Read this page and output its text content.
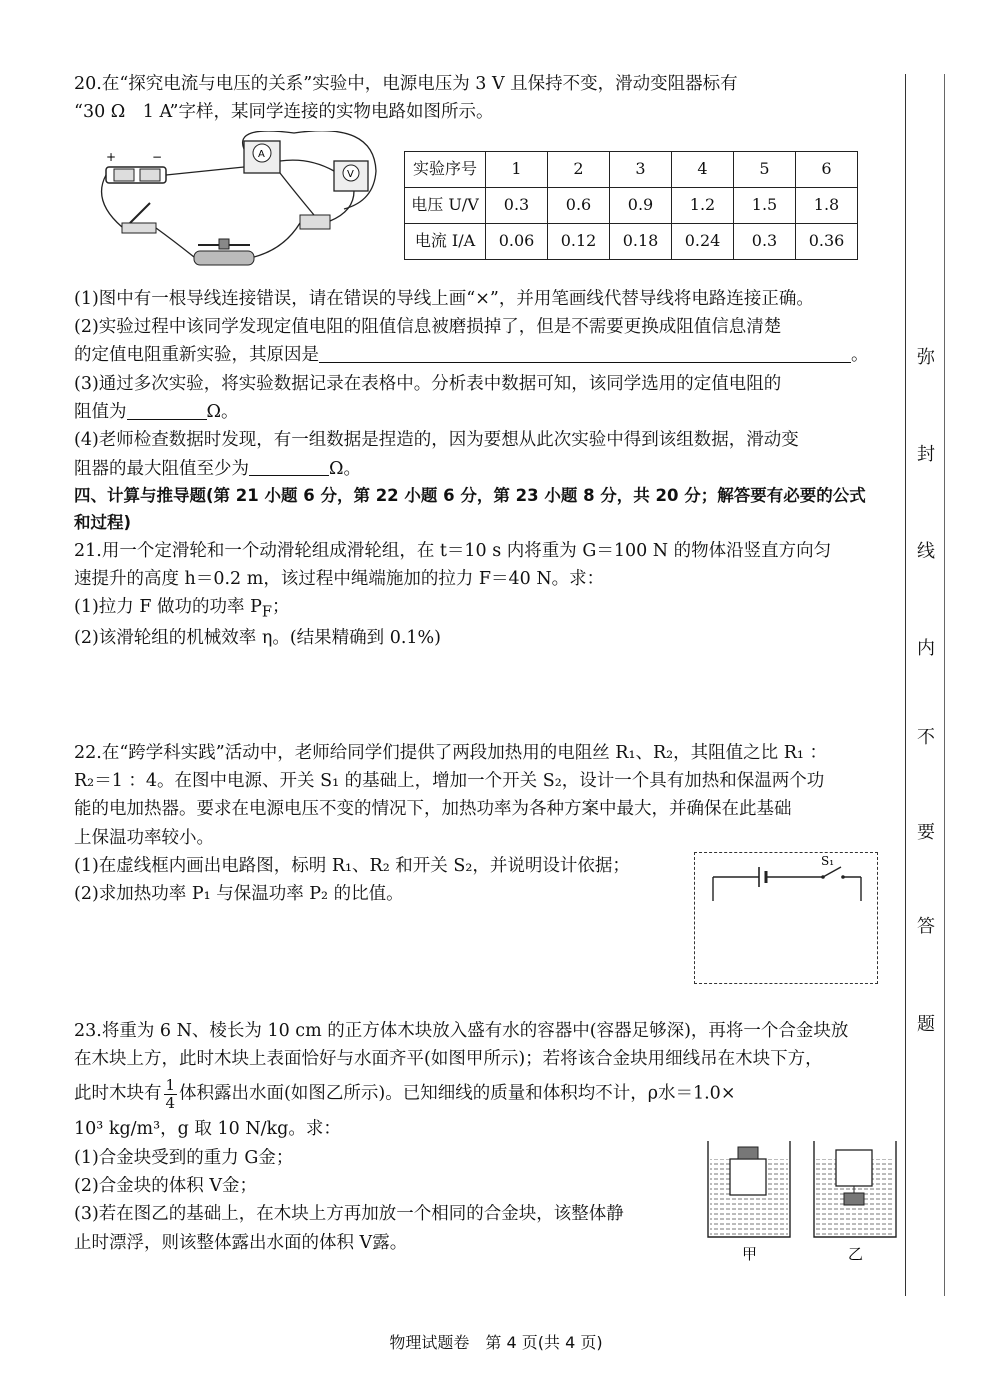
弥
封
线
内
不
要
答
题

20.在“探究电流与电压的关系”实验中，电源电压为 3 V 且保持不变，滑动变阻器标有

“30 Ω　1 A”字样，某同学连接的实物电路如图所示。

+	−	A
V	实验序号	1	2	3	4	5	6
电压 U/V	0.3	0.6	0.9	1.2	1.5	1.8
电流 I/A	0.06	0.12	0.18	0.24	0.3	0.36

(1)图中有一根导线连接错误，请在错误的导线上画“×”，并用笔画线代替导线将电路连接正确。

(2)实验过程中该同学发现定值电阻的阻值信息被磨损掉了，但是不需要更换成阻值信息清楚

的定值电阻重新实验，其原因是	。

(3)通过多次实验，将实验数据记录在表格中。分析表中数据可知，该同学选用的定值电阻的

阻值为	Ω。

(4)老师检查数据时发现，有一组数据是捏造的，因为要想从此次实验中得到该组数据，滑动变

阻器的最大阻值至少为	Ω。

四、计算与推导题(第 21 小题 6 分，第 22 小题 6 分，第 23 小题 8 分，共 20 分；解答要有必要的公式

和过程)

21.用一个定滑轮和一个动滑轮组成滑轮组，在 t＝10 s 内将重为 G＝100 N 的物体沿竖直方向匀

速提升的高度 h＝0.2 m，该过程中绳端施加的拉力 F＝40 N。求：

(1)拉力 F 做功的功率 $P_F$；

(2)该滑轮组的机械效率 η。(结果精确到 0.1%)

22.在“跨学科实践”活动中，老师给同学们提供了两段加热用的电阻丝 R₁、R₂，其阻值之比 R₁ ：

R₂＝1 ：4。在图中电源、开关 S₁ 的基础上，增加一个开关 S₂，设计一个具有加热和保温两个功

能的电加热器。要求在电源电压不变的情况下，加热功率为各种方案中最大，并确保在此基础

上保温功率较小。

(1)在虚线框内画出电路图，标明 R₁、R₂ 和开关 S₂，并说明设计依据；

(2)求加热功率 P₁ 与保温功率 P₂ 的比值。

S₁

23.将重为 6 N、棱长为 10 cm 的正方体木块放入盛有水的容器中(容器足够深)，再将一个合金块放

在木块上方，此时木块上表面恰好与水面齐平(如图甲所示)；若将该合金块用细线吊在木块下方，

此时木块有 $\frac{1}{4}$ 体积露出水面(如图乙所示)。已知细线的质量和体积均不计，ρ水＝1.0×

10³ kg/m³，g 取 10 N/kg。求：

(1)合金块受到的重力 G金；

(2)合金块的体积 V金；

(3)若在图乙的基础上，在木块上方再加放一个相同的合金块，该整体静

止时漂浮，则该整体露出水面的体积 V露。

甲	乙
物理试题卷　第 4 页(共 4 页)
